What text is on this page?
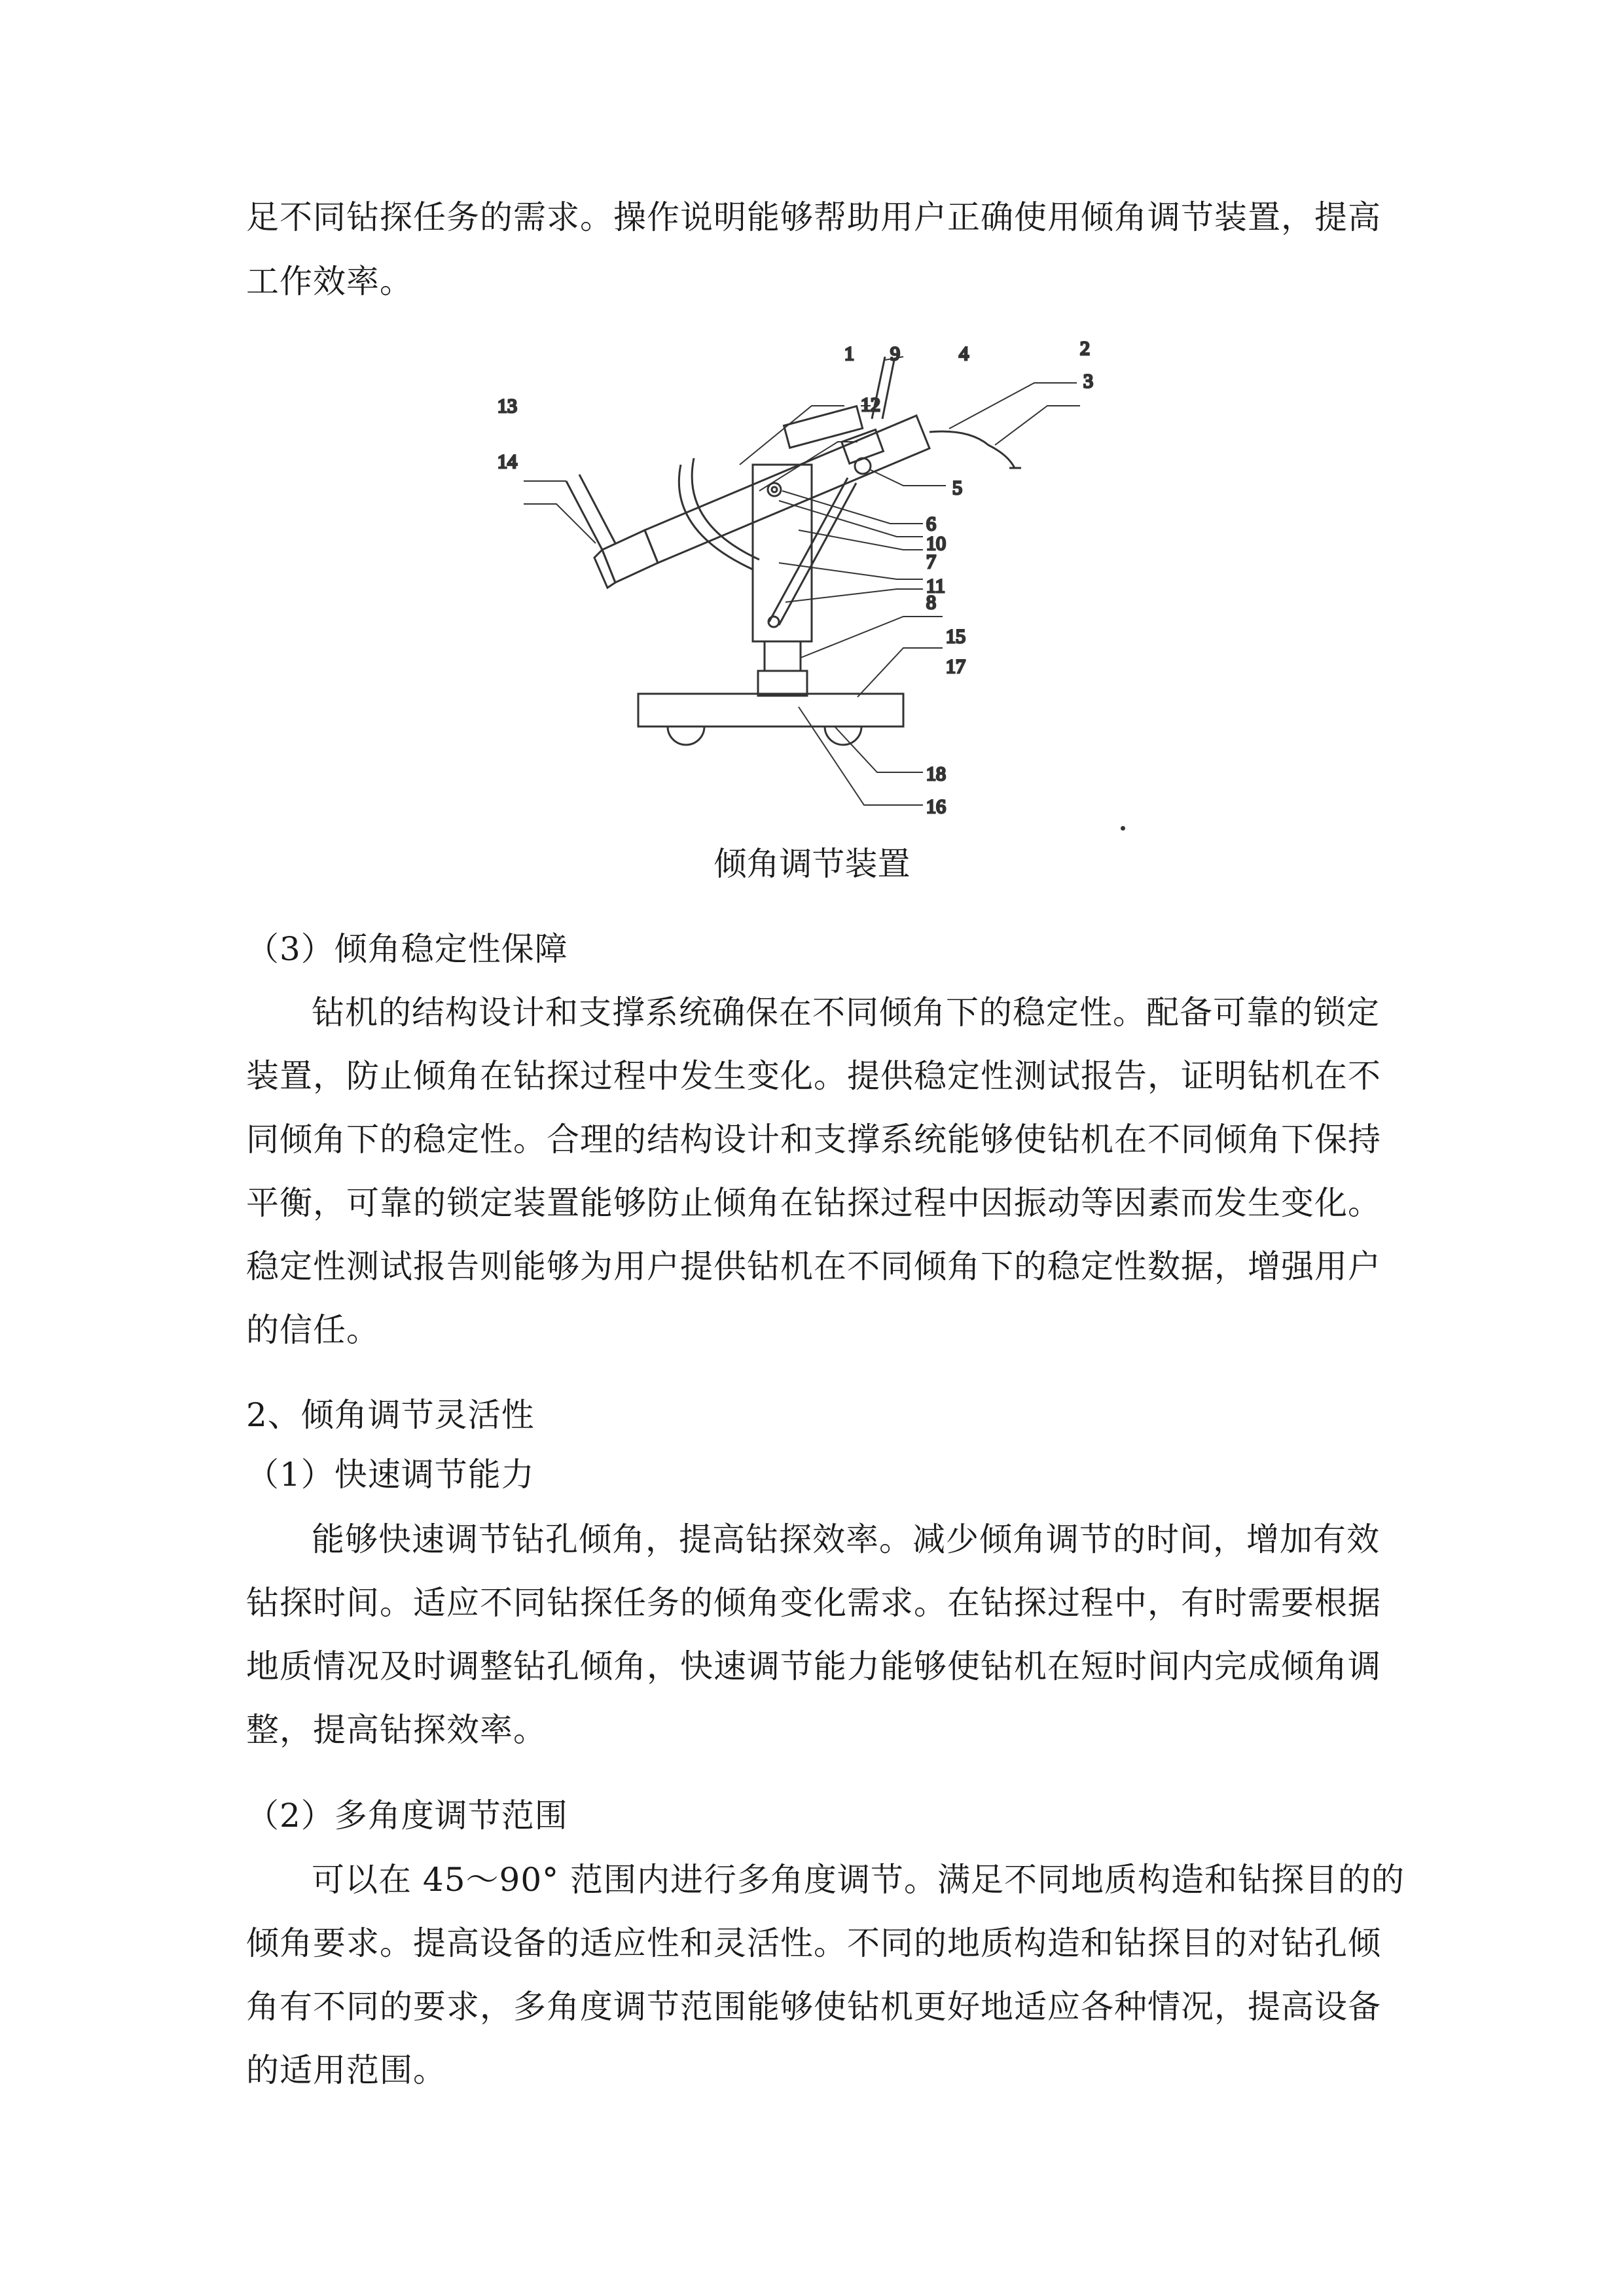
足不同钻探任务的需求。操作说明能够帮助用户正确使用倾角调节装置，提高
工作效率。
1
12
9	4	2
3
5
6
10
7
11
8
15
17
18
16
13
14
倾角调节装置
（3）倾角稳定性保障
钻机的结构设计和支撑系统确保在不同倾角下的稳定性。配备可靠的锁定
装置，防止倾角在钻探过程中发生变化。提供稳定性测试报告，证明钻机在不
同倾角下的稳定性。合理的结构设计和支撑系统能够使钻机在不同倾角下保持
平衡，可靠的锁定装置能够防止倾角在钻探过程中因振动等因素而发生变化。
稳定性测试报告则能够为用户提供钻机在不同倾角下的稳定性数据，增强用户
的信任。
2、倾角调节灵活性
（1）快速调节能力
能够快速调节钻孔倾角，提高钻探效率。减少倾角调节的时间，增加有效
钻探时间。适应不同钻探任务的倾角变化需求。在钻探过程中，有时需要根据
地质情况及时调整钻孔倾角，快速调节能力能够使钻机在短时间内完成倾角调
整，提高钻探效率。
（2）多角度调节范围
可以在 45～90° 范围内进行多角度调节。满足不同地质构造和钻探目的的
倾角要求。提高设备的适应性和灵活性。不同的地质构造和钻探目的对钻孔倾
角有不同的要求，多角度调节范围能够使钻机更好地适应各种情况，提高设备
的适用范围。
